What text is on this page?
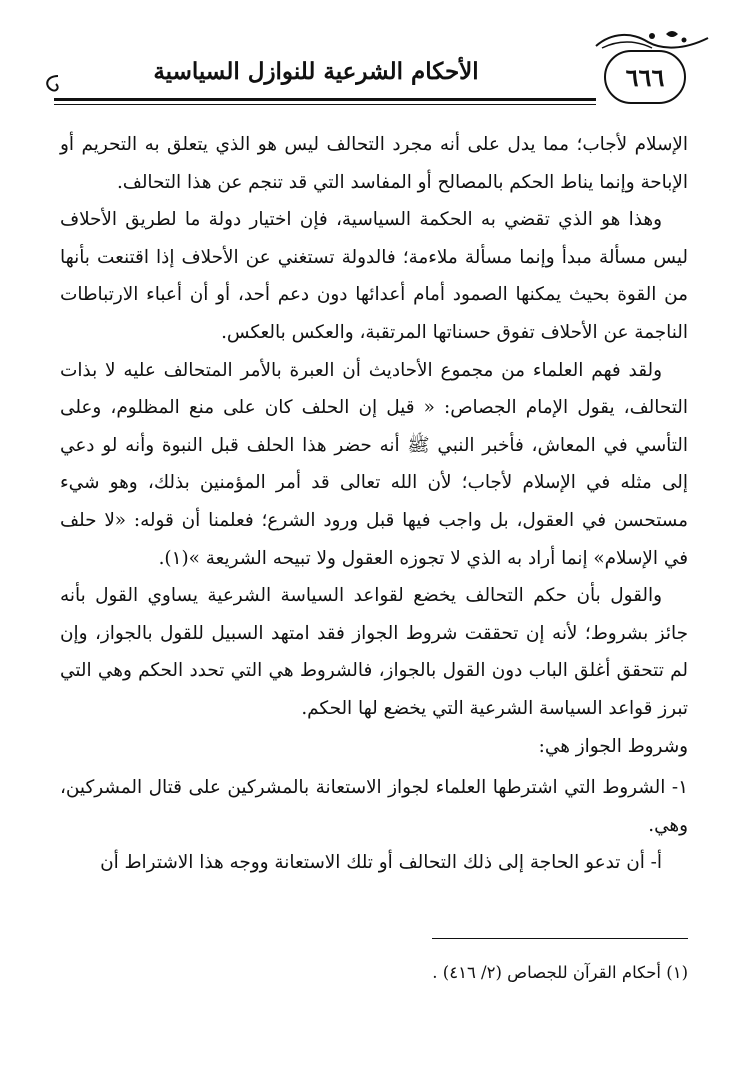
الأحكام الشرعية للنوازل السياسية	٦٦٦

الإسلام لأجاب؛ مما يدل على أنه مجرد التحالف ليس هو الذي يتعلق به التحريم أو الإباحة وإنما يناط الحكم بالمصالح أو المفاسد التي قد تنجم عن هذا التحالف.

وهذا هو الذي تقضي به الحكمة السياسية، فإن اختيار دولة ما لطريق الأحلاف ليس مسألة مبدأ وإنما مسألة ملاءمة؛ فالدولة تستغني عن الأحلاف إذا اقتنعت بأنها من القوة بحيث يمكنها الصمود أمام أعدائها دون دعم أحد، أو أن أعباء الارتباطات الناجمة عن الأحلاف تفوق حسناتها المرتقبة، والعكس بالعكس.

ولقد فهم العلماء من مجموع الأحاديث أن العبرة بالأمر المتحالف عليه لا بذات التحالف، يقول الإمام الجصاص: « قيل إن الحلف كان على منع المظلوم، وعلى التأسي في المعاش، فأخبر النبي ﷺ أنه حضر هذا الحلف قبل النبوة وأنه لو دعي إلى مثله في الإسلام لأجاب؛ لأن الله تعالى قد أمر المؤمنين بذلك، وهو شيء مستحسن في العقول، بل واجب فيها قبل ورود الشرع؛ فعلمنا أن قوله: «لا حلف في الإسلام» إنما أراد به الذي لا تجوزه العقول ولا تبيحه الشريعة »(١).

والقول بأن حكم التحالف يخضع لقواعد السياسة الشرعية يساوي القول بأنه جائز بشروط؛ لأنه إن تحققت شروط الجواز فقد امتهد السبيل للقول بالجواز، وإن لم تتحقق أغلق الباب دون القول بالجواز، فالشروط هي التي تحدد الحكم وهي التي تبرز قواعد السياسة الشرعية التي يخضع لها الحكم.

وشروط الجواز هي:

١- الشروط التي اشترطها العلماء لجواز الاستعانة بالمشركين على قتال المشركين، وهي.

أ- أن تدعو الحاجة إلى ذلك التحالف أو تلك الاستعانة ووجه هذا الاشتراط أن

(١) أحكام القرآن للجصاص (٢/ ٤١٦) .
